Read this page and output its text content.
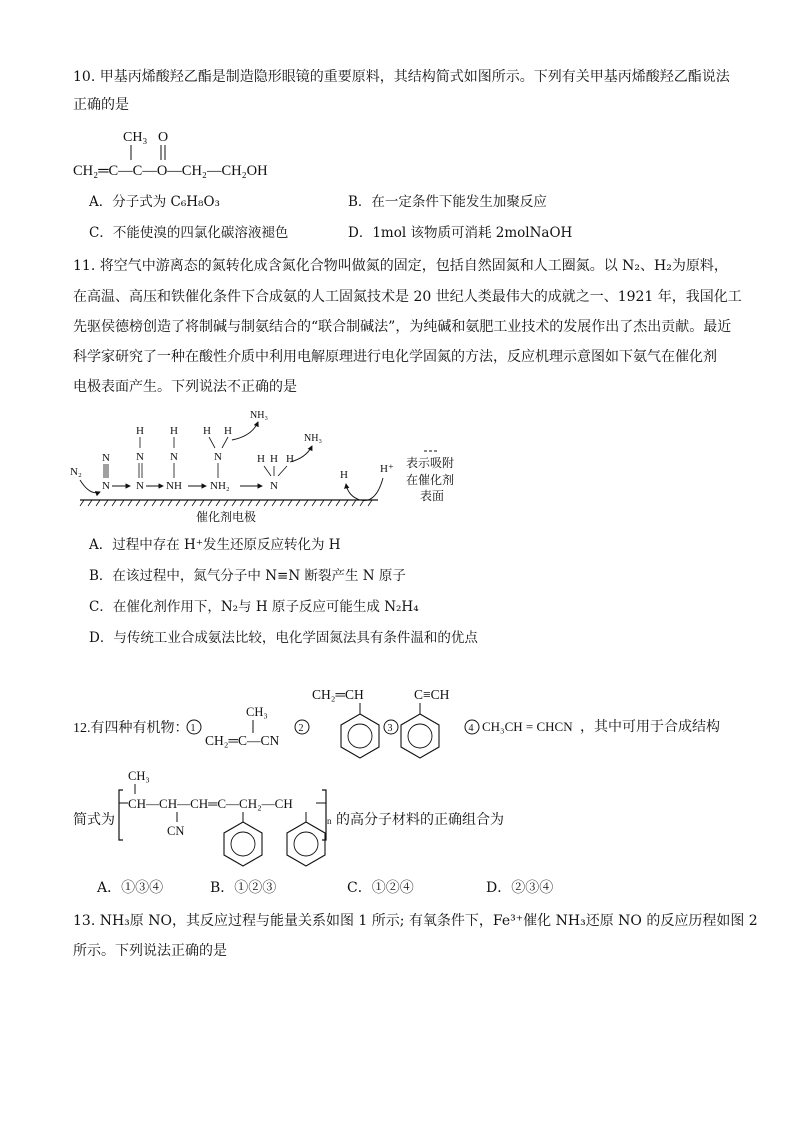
10. 甲基丙烯酸羟乙酯是制造隐形眼镜的重要原料，其结构简式如图所示。下列有关甲基丙烯酸羟乙酯说法
正确的是
CH₃ O
CH₂═C—C—O—CH₂—CH₂OH
A．分子式为 C₆H₈O₃	B．在一定条件下能发生加聚反应
C．不能使溴的四氯化碳溶液褪色	D．1mol 该物质可消耗 2molNaOH
11. 将空气中游离态的氮转化成含氮化合物叫做氮的固定，包括自然固氮和人工圈氮。以 N₂、H₂为原料，
在高温、高压和铁催化条件下合成氨的人工固氮技术是 20 世纪人类最伟大的成就之一、1921 年，我国化工
先驱侯德榜创造了将制碱与制氨结合的“联合制碱法”，为纯碱和氨肥工业技术的发展作出了杰出贡献。最近
科学家研究了一种在酸性介质中利用电解原理进行电化学固氮的方法，反应机理示意图如下氨气在催化剂
电极表面产生。下列说法不正确的是
催化剂电极
N₂
N
N
H
N
N
H
N
NH
H H
N
NH₂
NH₃
H H H
N
NH₃
H	H⁺ 表示吸附
在催化剂
表面
A．过程中存在 H⁺发生还原反应转化为 H
B．在该过程中，氮气分子中 N≡N 断裂产生 N 原子
C．在催化剂作用下，N₂与 H 原子反应可能生成 N₂H₄
D．与传统工业合成氨法比较，电化学固氮法具有条件温和的优点
12.有四种有机物： 1
CH₃
CH₂═C—CN
2
CH₂═CH
3
C≡CH
4 CH₃CH = CHCN ，其中可用于合成结构
简式为
CH₃
CH—CH—CH═C—CH₂—CH
n
CN
的高分子材料的正确组合为
A．①③④	B．①②③	C．①②④	D．②③④
13. NH₃原 NO，其反应过程与能量关系如图 1 所示; 有氧条件下，Fe³⁺催化 NH₃还原 NO 的反应历程如图 2
所示。下列说法正确的是
